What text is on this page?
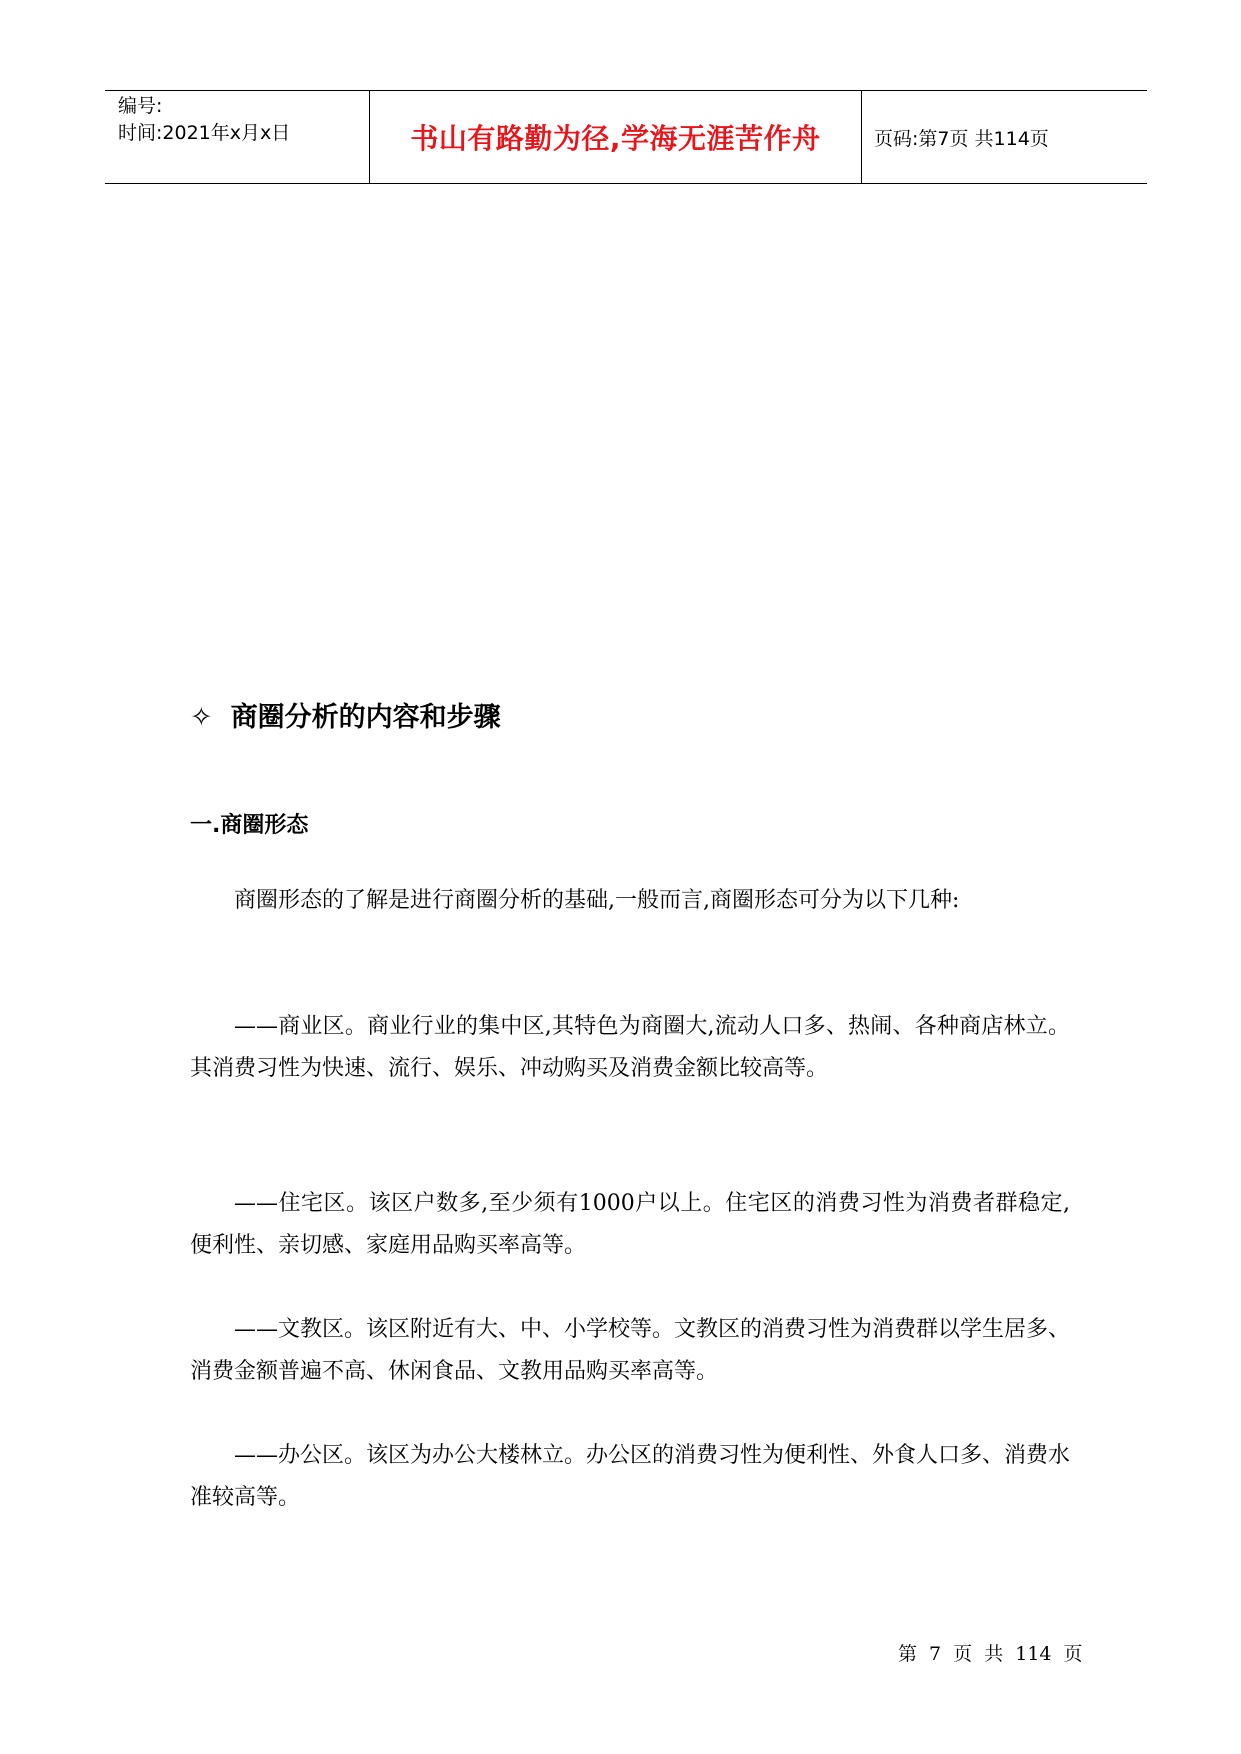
编号:
时间:2021年x月x日	书山有路勤为径,学海无涯苦作舟	页码:第7页 共114页
✧ 商圈分析的内容和步骤
一.商圈形态
商圈形态的了解是进行商圈分析的基础,一般而言,商圈形态可分为以下几种:
——商业区。商业行业的集中区,其特色为商圈大,流动人口多、热闹、各种商店林立。其消费习性为快速、流行、娱乐、冲动购买及消费金额比较高等。
——住宅区。该区户数多,至少须有1000户以上。住宅区的消费习性为消费者群稳定,便利性、亲切感、家庭用品购买率高等。
——文教区。该区附近有大、中、小学校等。文教区的消费习性为消费群以学生居多、消费金额普遍不高、休闲食品、文教用品购买率高等。
——办公区。该区为办公大楼林立。办公区的消费习性为便利性、外食人口多、消费水准较高等。
第 7 页 共 114 页
